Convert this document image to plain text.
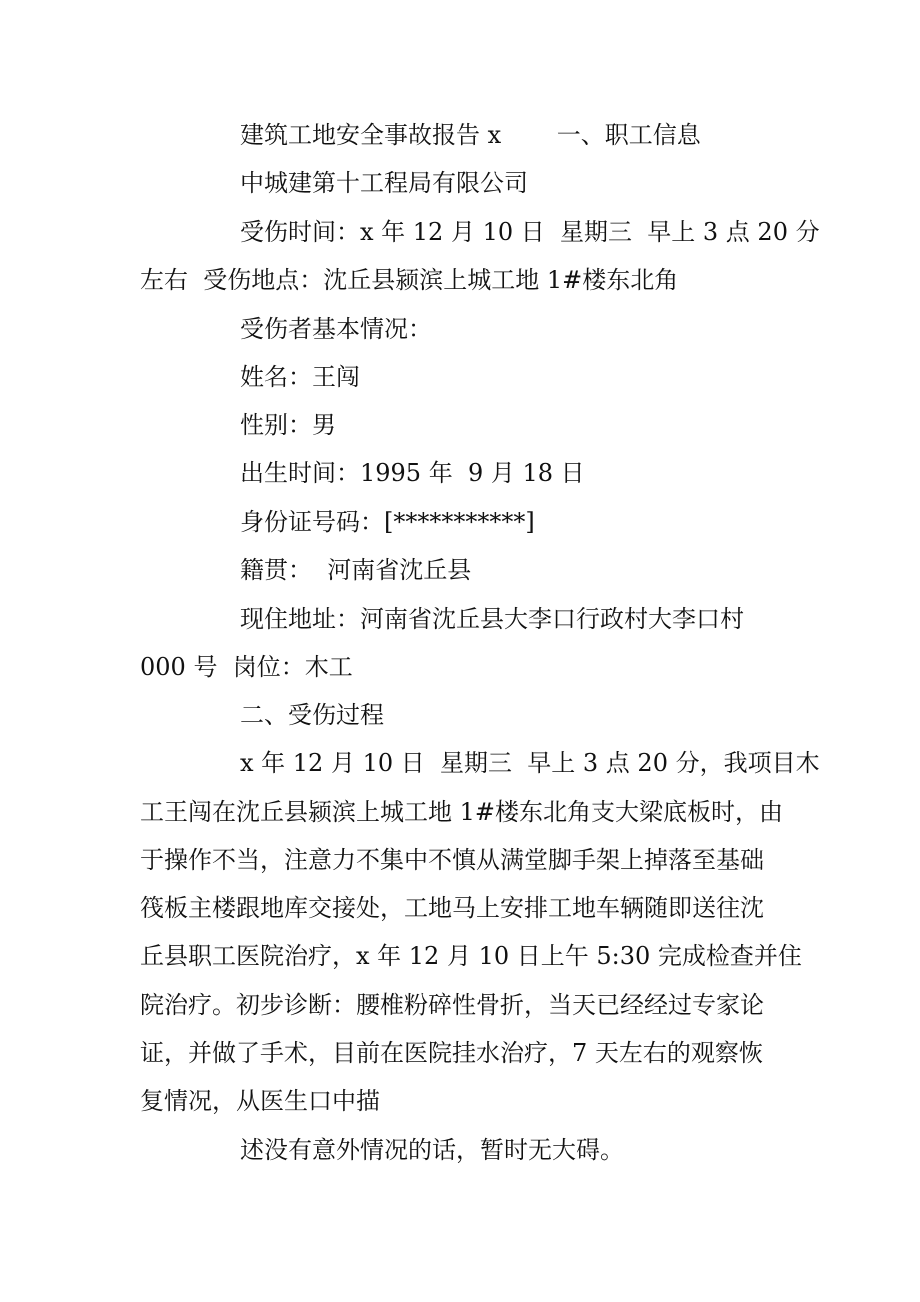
建筑工地安全事故报告 x　　 一、职工信息
中城建第十工程局有限公司
受伤时间：x 年 12 月 10 日  星期三  早上 3 点 20 分
左右  受伤地点：沈丘县颍滨上城工地 1#楼东北角
受伤者基本情况：
姓名：王闯
性别：男
出生时间：1995 年  9 月 18 日
身份证号码：[***********]
籍贯：  河南省沈丘县
现住地址：河南省沈丘县大李口行政村大李口村
000 号  岗位：木工
二、受伤过程
x 年 12 月 10 日  星期三  早上 3 点 20 分，我项目木
工王闯在沈丘县颍滨上城工地 1#楼东北角支大梁底板时，由
于操作不当，注意力不集中不慎从满堂脚手架上掉落至基础
筏板主楼跟地库交接处，工地马上安排工地车辆随即送往沈
丘县职工医院治疗，x 年 12 月 10 日上午 5:30 完成检查并住
院治疗。初步诊断：腰椎粉碎性骨折，当天已经经过专家论
证，并做了手术，目前在医院挂水治疗，7 天左右的观察恢
复情况，从医生口中描
述没有意外情况的话，暂时无大碍。
